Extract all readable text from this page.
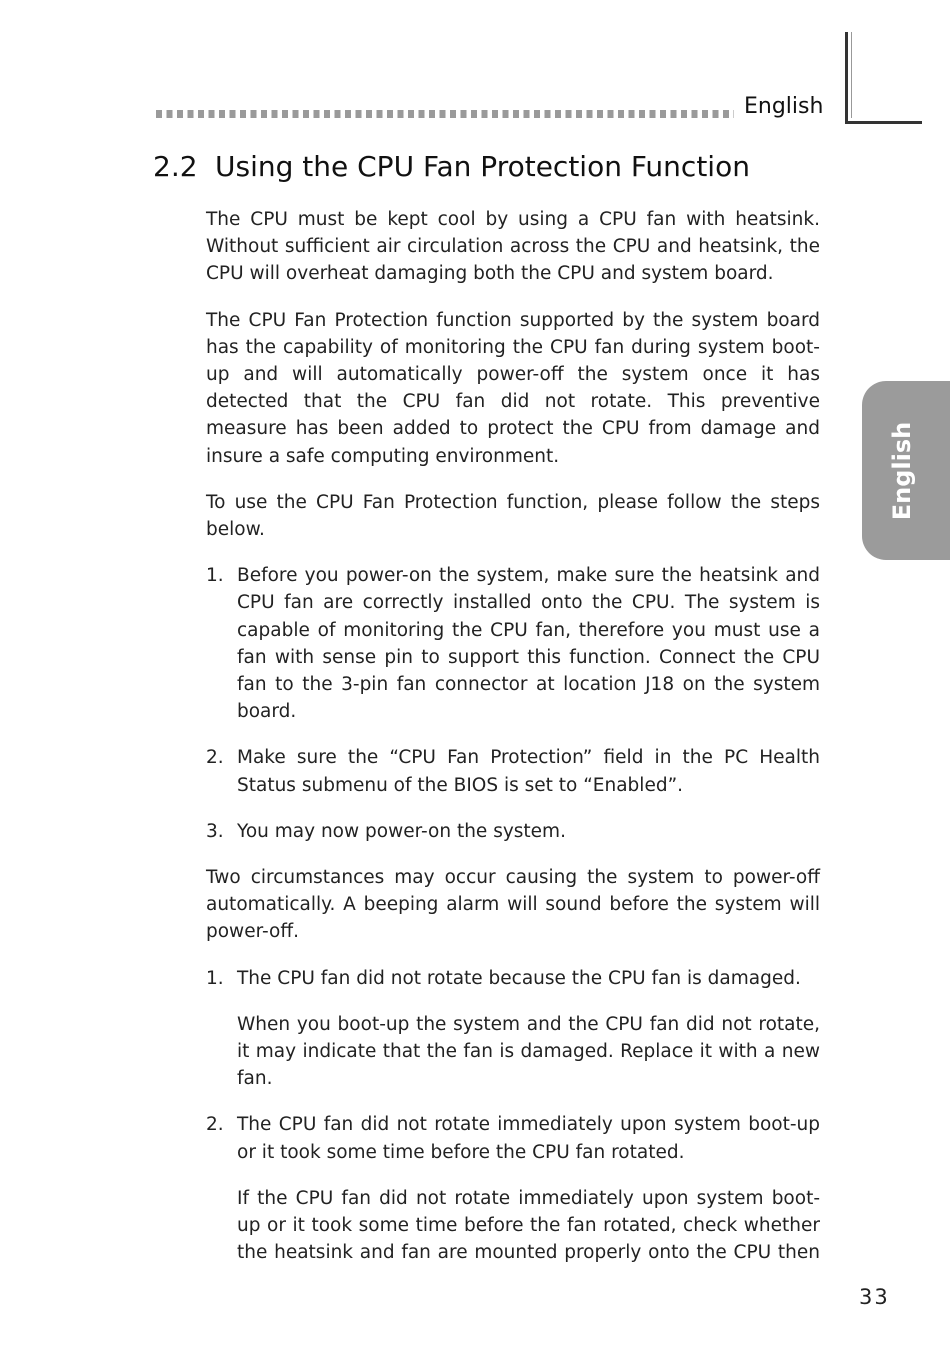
English
English
2.2 Using the CPU Fan Protection Function

The CPU must be kept cool by using a CPU fan with heatsink. Without sufficient air circulation across the CPU and heatsink, the CPU will overheat damaging both the CPU and system board.

The CPU Fan Protection function supported by the system board has the capability of monitoring the CPU fan during system boot-up and will automatically power-off the system once it has detected that the CPU fan did not rotate. This preventive measure has been added to protect the CPU from damage and insure a safe computing environment.

To use the CPU Fan Protection function, please follow the steps below.

1. Before you power-on the system, make sure the heatsink and CPU fan are correctly installed onto the CPU. The system is capable of monitoring the CPU fan, therefore you must use a fan with sense pin to support this function. Connect the CPU fan to the 3-pin fan connector at location J18 on the system board.
2. Make sure the “CPU Fan Protection” field in the PC Health Status submenu of the BIOS is set to “Enabled”.
3. You may now power-on the system.

Two circumstances may occur causing the system to power-off automatically. A beeping alarm will sound before the system will power-off.

1. The CPU fan did not rotate because the CPU fan is damaged.
When you boot-up the system and the CPU fan did not rotate, it may indicate that the fan is damaged. Replace it with a new fan.
2. The CPU fan did not rotate immediately upon system boot-up or it took some time before the CPU fan rotated.
If the CPU fan did not rotate immediately upon system boot-up or it took some time before the fan rotated, check whether the heatsink and fan are mounted properly onto the CPU then
33
